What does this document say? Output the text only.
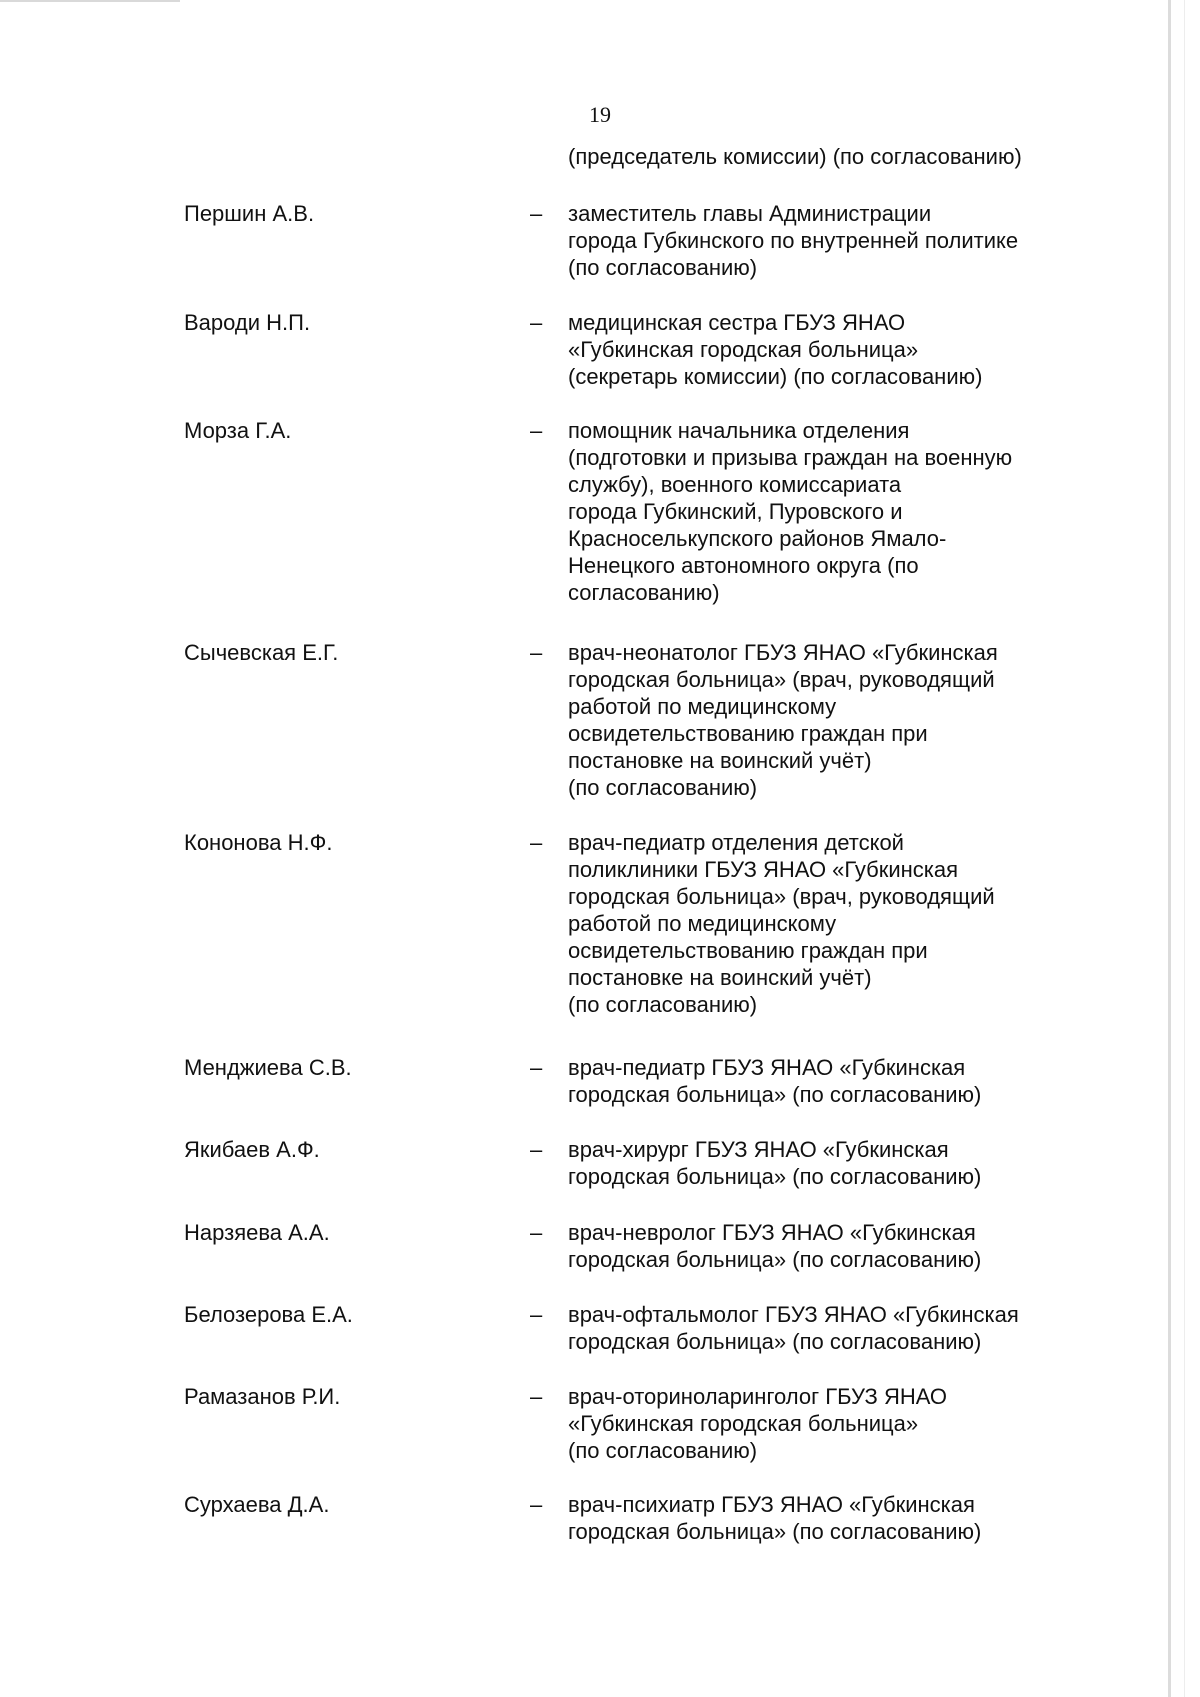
19
(председатель комиссии) (по согласованию)
Першин А.В.	– заместитель главы Администрации
города Губкинского по внутренней политике
(по согласованию)
Вароди Н.П.	– медицинская сестра ГБУЗ ЯНАО
«Губкинская городская больница»
(секретарь комиссии) (по согласованию)
Морза Г.А.	– помощник начальника отделения
(подготовки и призыва граждан на военную
службу), военного комиссариата
города Губкинский, Пуровского и
Красноселькупского районов Ямало-
Ненецкого автономного округа (по
согласованию)
Сычевская Е.Г.	– врач-неонатолог ГБУЗ ЯНАО «Губкинская
городская больница» (врач, руководящий
работой по медицинскому
освидетельствованию граждан при
постановке на воинский учёт)
(по согласованию)
Кононова Н.Ф.	– врач-педиатр отделения детской
поликлиники ГБУЗ ЯНАО «Губкинская
городская больница» (врач, руководящий
работой по медицинскому
освидетельствованию граждан при
постановке на воинский учёт)
(по согласованию)
Менджиева С.В.	– врач-педиатр ГБУЗ ЯНАО «Губкинская
городская больница» (по согласованию)
Якибаев А.Ф.	– врач-хирург ГБУЗ ЯНАО «Губкинская
городская больница» (по согласованию)
Нарзяева А.А.	– врач-невролог ГБУЗ ЯНАО «Губкинская
городская больница» (по согласованию)
Белозерова Е.А.	– врач-офтальмолог ГБУЗ ЯНАО «Губкинская
городская больница» (по согласованию)
Рамазанов Р.И.	– врач-оториноларинголог ГБУЗ ЯНАО
«Губкинская городская больница»
(по согласованию)
Сурхаева Д.А.	– врач-психиатр ГБУЗ ЯНАО «Губкинская
городская больница» (по согласованию)
